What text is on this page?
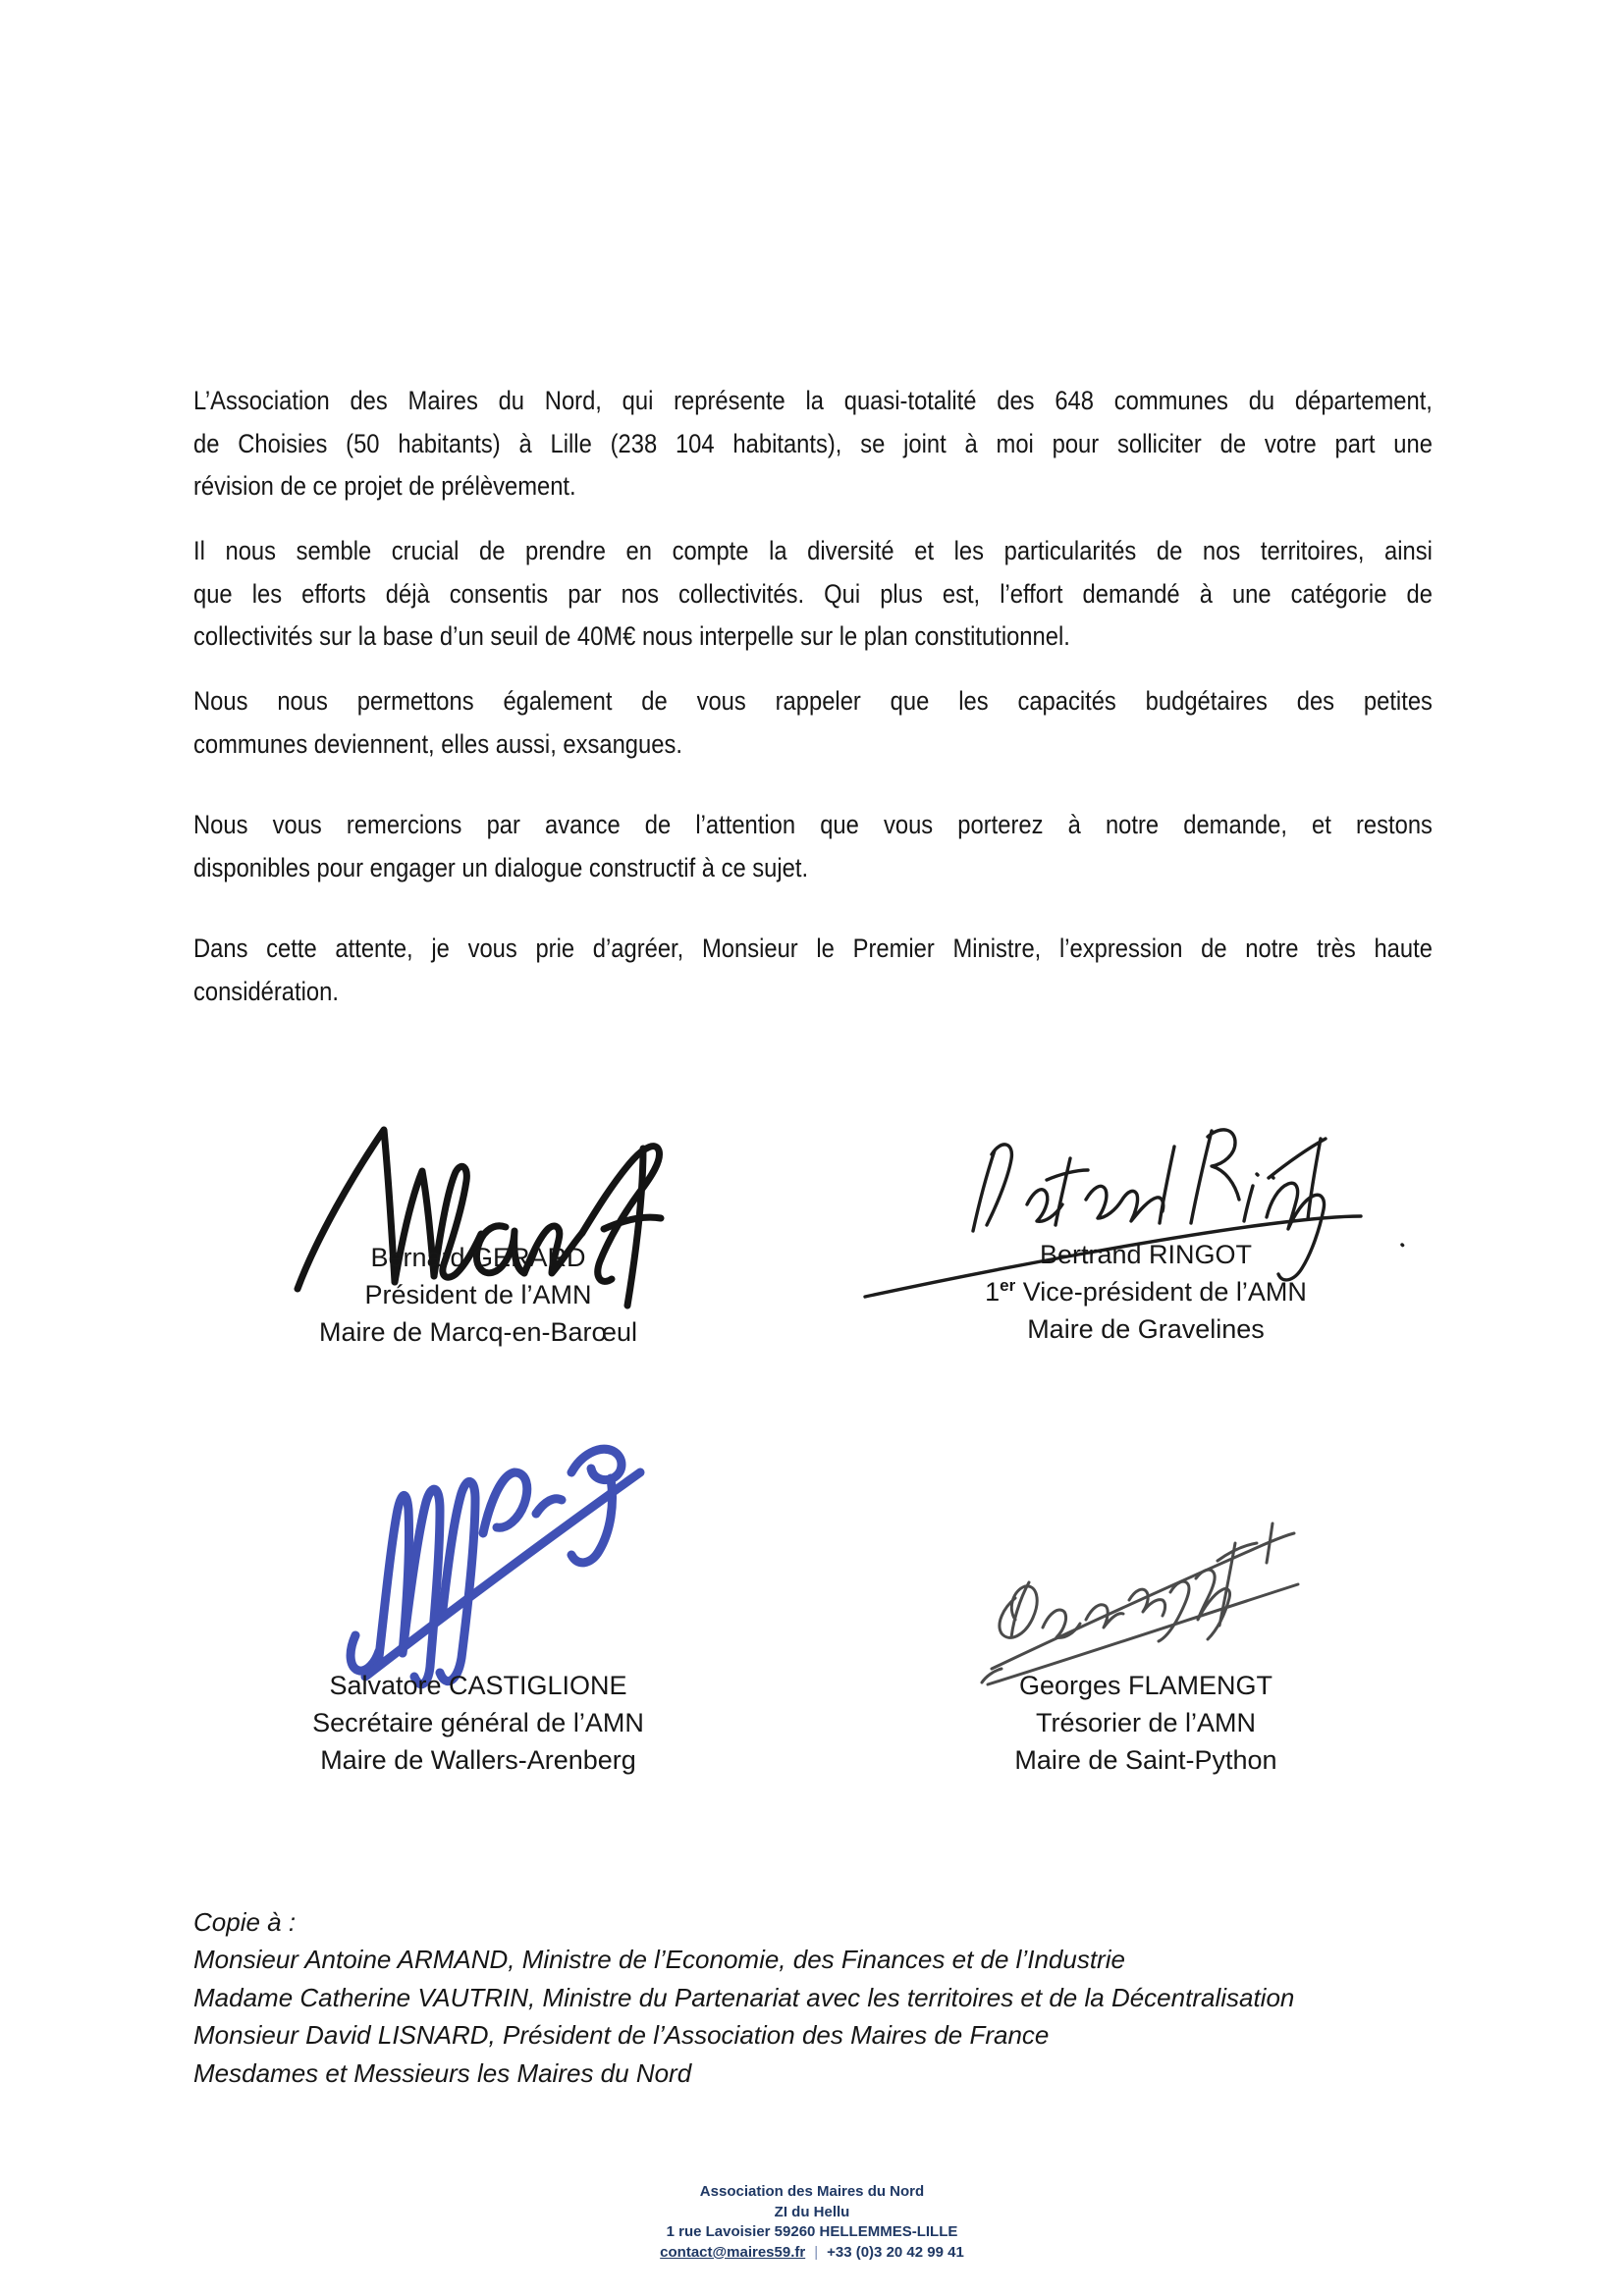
L’Association des Maires du Nord, qui représente la quasi-totalité des 648 communes du département,
de Choisies (50 habitants) à Lille (238 104 habitants), se joint à moi pour solliciter de votre part une
révision de ce projet de prélèvement.
Il nous semble crucial de prendre en compte la diversité et les particularités de nos territoires, ainsi
que les efforts déjà consentis par nos collectivités. Qui plus est, l’effort demandé à une catégorie de
collectivités sur la base d’un seuil de 40M€ nous interpelle sur le plan constitutionnel.
Nous nous permettons également de vous rappeler que les capacités budgétaires des petites
communes deviennent, elles aussi, exsangues.
Nous vous remercions par avance de l’attention que vous porterez à notre demande, et restons
disponibles pour engager un dialogue constructif à ce sujet.
Dans cette attente, je vous prie d’agréer, Monsieur le Premier Ministre, l’expression de notre très haute
considération.
Bernard GERARD
Président de l’AMN
Maire de Marcq-en-Barœul
Bertrand RINGOT
1er Vice-président de l’AMN
Maire de Gravelines
Salvatore CASTIGLIONE
Secrétaire général de l’AMN
Maire de Wallers-Arenberg
Georges FLAMENGT
Trésorier de l’AMN
Maire de Saint-Python
Copie à :
Monsieur Antoine ARMAND, Ministre de l’Economie, des Finances et de l’Industrie
Madame Catherine VAUTRIN, Ministre du Partenariat avec les territoires et de la Décentralisation
Monsieur David LISNARD, Président de l’Association des Maires de France
Mesdames et Messieurs les Maires du Nord
Association des Maires du Nord
ZI du Hellu
1 rue Lavoisier 59260 HELLEMMES-LILLE
contact@maires59.fr | +33 (0)3 20 42 99 41
